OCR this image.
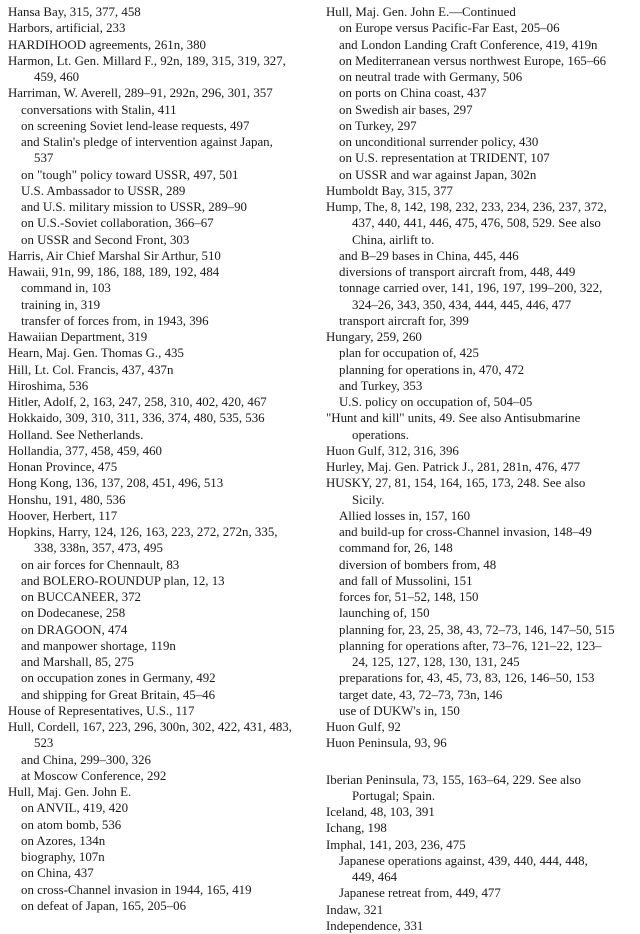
Hansa Bay, 315, 377, 458
Harbors, artificial, 233
HARDIHOOD agreements, 261n, 380
Harmon, Lt. Gen. Millard F., 92n, 189, 315, 319, 327,
459, 460
Harriman, W. Averell, 289–91, 292n, 296, 301, 357
conversations with Stalin, 411
on screening Soviet lend-lease requests, 497
and Stalin's pledge of intervention against Japan,
537
on "tough" policy toward USSR, 497, 501
U.S. Ambassador to USSR, 289
and U.S. military mission to USSR, 289–90
on U.S.-Soviet collaboration, 366–67
on USSR and Second Front, 303
Harris, Air Chief Marshal Sir Arthur, 510
Hawaii, 91n, 99, 186, 188, 189, 192, 484
command in, 103
training in, 319
transfer of forces from, in 1943, 396
Hawaiian Department, 319
Hearn, Maj. Gen. Thomas G., 435
Hill, Lt. Col. Francis, 437, 437n
Hiroshima, 536
Hitler, Adolf, 2, 163, 247, 258, 310, 402, 420, 467
Hokkaido, 309, 310, 311, 336, 374, 480, 535, 536
Holland. See Netherlands.
Hollandia, 377, 458, 459, 460
Honan Province, 475
Hong Kong, 136, 137, 208, 451, 496, 513
Honshu, 191, 480, 536
Hoover, Herbert, 117
Hopkins, Harry, 124, 126, 163, 223, 272, 272n, 335,
338, 338n, 357, 473, 495
on air forces for Chennault, 83
and BOLERO-ROUNDUP plan, 12, 13
on BUCCANEER, 372
on Dodecanese, 258
on DRAGOON, 474
and manpower shortage, 119n
and Marshall, 85, 275
on occupation zones in Germany, 492
and shipping for Great Britain, 45–46
House of Representatives, U.S., 117
Hull, Cordell, 167, 223, 296, 300n, 302, 422, 431, 483,
523
and China, 299–300, 326
at Moscow Conference, 292
Hull, Maj. Gen. John E.
on ANVIL, 419, 420
on atom bomb, 536
on Azores, 134n
biography, 107n
on China, 437
on cross-Channel invasion in 1944, 165, 419
on defeat of Japan, 165, 205–06
Hull, Maj. Gen. John E.—Continued
on Europe versus Pacific-Far East, 205–06
and London Landing Craft Conference, 419, 419n
on Mediterranean versus northwest Europe, 165–66
on neutral trade with Germany, 506
on ports on China coast, 437
on Swedish air bases, 297
on Turkey, 297
on unconditional surrender policy, 430
on U.S. representation at TRIDENT, 107
on USSR and war against Japan, 302n
Humboldt Bay, 315, 377
Hump, The, 8, 142, 198, 232, 233, 234, 236, 237, 372,
437, 440, 441, 446, 475, 476, 508, 529. See also
China, airlift to.
and B–29 bases in China, 445, 446
diversions of transport aircraft from, 448, 449
tonnage carried over, 141, 196, 197, 199–200, 322,
324–26, 343, 350, 434, 444, 445, 446, 477
transport aircraft for, 399
Hungary, 259, 260
plan for occupation of, 425
planning for operations in, 470, 472
and Turkey, 353
U.S. policy on occupation of, 504–05
"Hunt and kill" units, 49. See also Antisubmarine
operations.
Huon Gulf, 312, 316, 396
Hurley, Maj. Gen. Patrick J., 281, 281n, 476, 477
HUSKY, 27, 81, 154, 164, 165, 173, 248. See also
Sicily.
Allied losses in, 157, 160
and build-up for cross-Channel invasion, 148–49
command for, 26, 148
diversion of bombers from, 48
and fall of Mussolini, 151
forces for, 51–52, 148, 150
launching of, 150
planning for, 23, 25, 38, 43, 72–73, 146, 147–50, 515
planning for operations after, 73–76, 121–22, 123–
24, 125, 127, 128, 130, 131, 245
preparations for, 43, 45, 73, 83, 126, 146–50, 153
target date, 43, 72–73, 73n, 146
use of DUKW's in, 150
Huon Gulf, 92
Huon Peninsula, 93, 96
Iberian Peninsula, 73, 155, 163–64, 229. See also
Portugal; Spain.
Iceland, 48, 103, 391
Ichang, 198
Imphal, 141, 203, 236, 475
Japanese operations against, 439, 440, 444, 448,
449, 464
Japanese retreat from, 449, 477
Indaw, 321
Independence, 331
